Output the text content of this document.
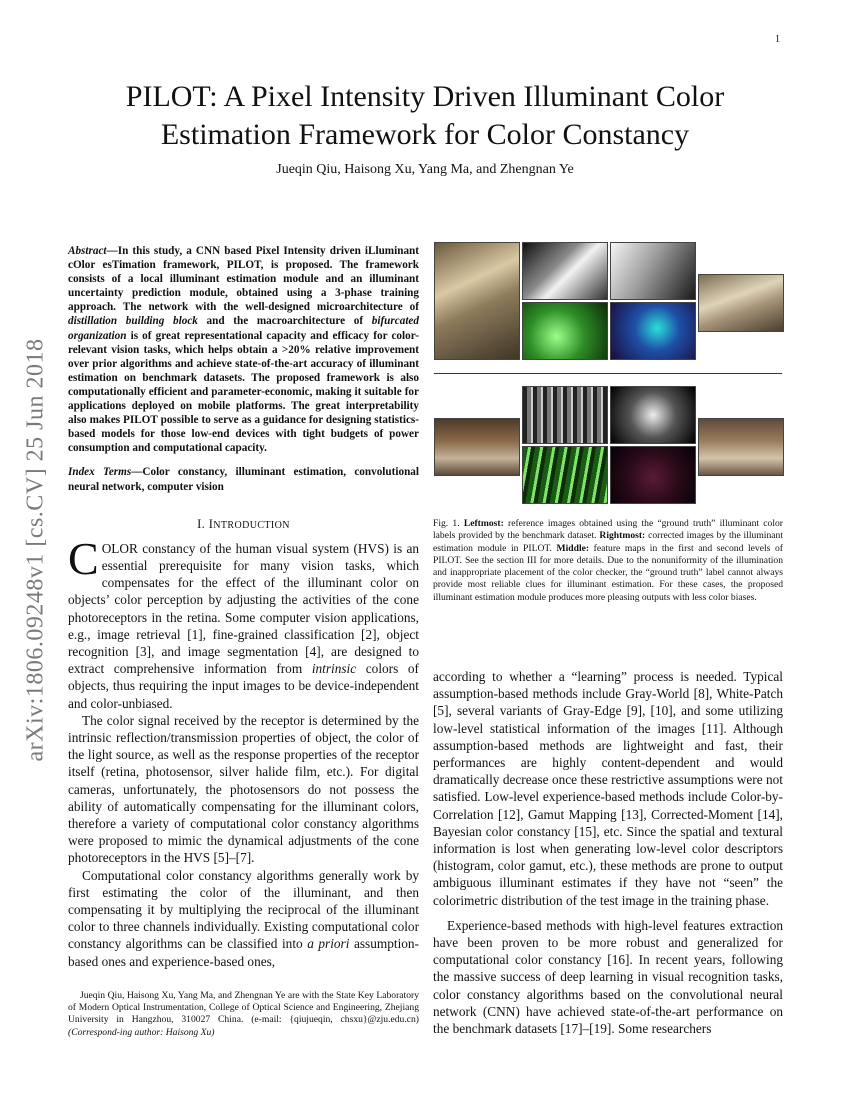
1
arXiv:1806.09248v1 [cs.CV] 25 Jun 2018
PILOT: A Pixel Intensity Driven Illuminant Color
Estimation Framework for Color Constancy
Jueqin Qiu, Haisong Xu, Yang Ma, and Zhengnan Ye

Abstract—In this study, a CNN based Pixel Intensity driven iLluminant cOlor esTimation framework, PILOT, is proposed. The framework consists of a local illuminant estimation module and an illuminant uncertainty prediction module, obtained using a 3-phase training approach. The network with the well-designed microarchitecture of distillation building block and the macroarchitecture of bifurcated organization is of great representational capacity and efficacy for color-relevant vision tasks, which helps obtain a >20% relative improvement over prior algorithms and achieve state-of-the-art accuracy of illuminant estimation on benchmark datasets. The proposed framework is also computationally efficient and parameter-economic, making it suitable for applications deployed on mobile platforms. The great interpretability also makes PILOT possible to serve as a guidance for designing statistics-based models for those low-end devices with tight budgets of power consumption and computational capacity.

Index Terms—Color constancy, illuminant estimation, convolutional neural network, computer vision

I. INTRODUCTION

COLOR constancy of the human visual system (HVS) is an essential prerequisite for many vision tasks, which compensates for the effect of the illuminant color on objects’ color perception by adjusting the activities of the cone photoreceptors in the retina. Some computer vision applications, e.g., image retrieval [1], fine-grained classification [2], object recognition [3], and image segmentation [4], are designed to extract comprehensive information from intrinsic colors of objects, thus requiring the input images to be device-independent and color-unbiased.

The color signal received by the receptor is determined by the intrinsic reflection/transmission properties of object, the color of the light source, as well as the response properties of the receptor itself (retina, photosensor, silver halide film, etc.). For digital cameras, unfortunately, the photosensors do not possess the ability of automatically compensating for the illuminant colors, therefore a variety of computational color constancy algorithms were proposed to mimic the dynamical adjustments of the cone photoreceptors in the HVS [5]–[7].

Computational color constancy algorithms generally work by first estimating the color of the illuminant, and then compensating it by multiplying the reciprocal of the illuminant color to three channels individually. Existing computational color constancy algorithms can be classified into a priori assumption-based ones and experience-based ones,

Jueqin Qiu, Haisong Xu, Yang Ma, and Zhengnan Ye are with the State Key Laboratory of Modern Optical Instrumentation, College of Optical Science and Engineering, Zhejiang University in Hangzhou, 310027 China. (e-mail: {qiujueqin, chsxu}@zju.edu.cn) (Correspond-ing author: Haisong Xu)

Fig. 1. Leftmost: reference images obtained using the “ground truth” illuminant color labels provided by the benchmark dataset. Rightmost: corrected images by the illuminant estimation module in PILOT. Middle: feature maps in the first and second levels of PILOT. See the section III for more details. Due to the nonuniformity of the illumination and inappropriate placement of the color checker, the “ground truth” label cannot always provide most reliable clues for illuminant estimation. For these cases, the proposed illuminant estimation module produces more pleasing outputs with less color biases.

according to whether a “learning” process is needed. Typical assumption-based methods include Gray-World [8], White-Patch [5], several variants of Gray-Edge [9], [10], and some utilizing low-level statistical information of the images [11]. Although assumption-based methods are lightweight and fast, their performances are highly content-dependent and would dramatically decrease once these restrictive assumptions were not satisfied. Low-level experience-based methods include Color-by-Correlation [12], Gamut Mapping [13], Corrected-Moment [14], Bayesian color constancy [15], etc. Since the spatial and textural information is lost when generating low-level color descriptors (histogram, color gamut, etc.), these methods are prone to output ambiguous illuminant estimates if they have not “seen” the colorimetric distribution of the test image in the training phase.

Experience-based methods with high-level features extraction have been proven to be more robust and generalized for computational color constancy [16]. In recent years, following the massive success of deep learning in visual recognition tasks, color constancy algorithms based on the convolutional neural network (CNN) have achieved state-of-the-art performance on the benchmark datasets [17]–[19]. Some researchers
